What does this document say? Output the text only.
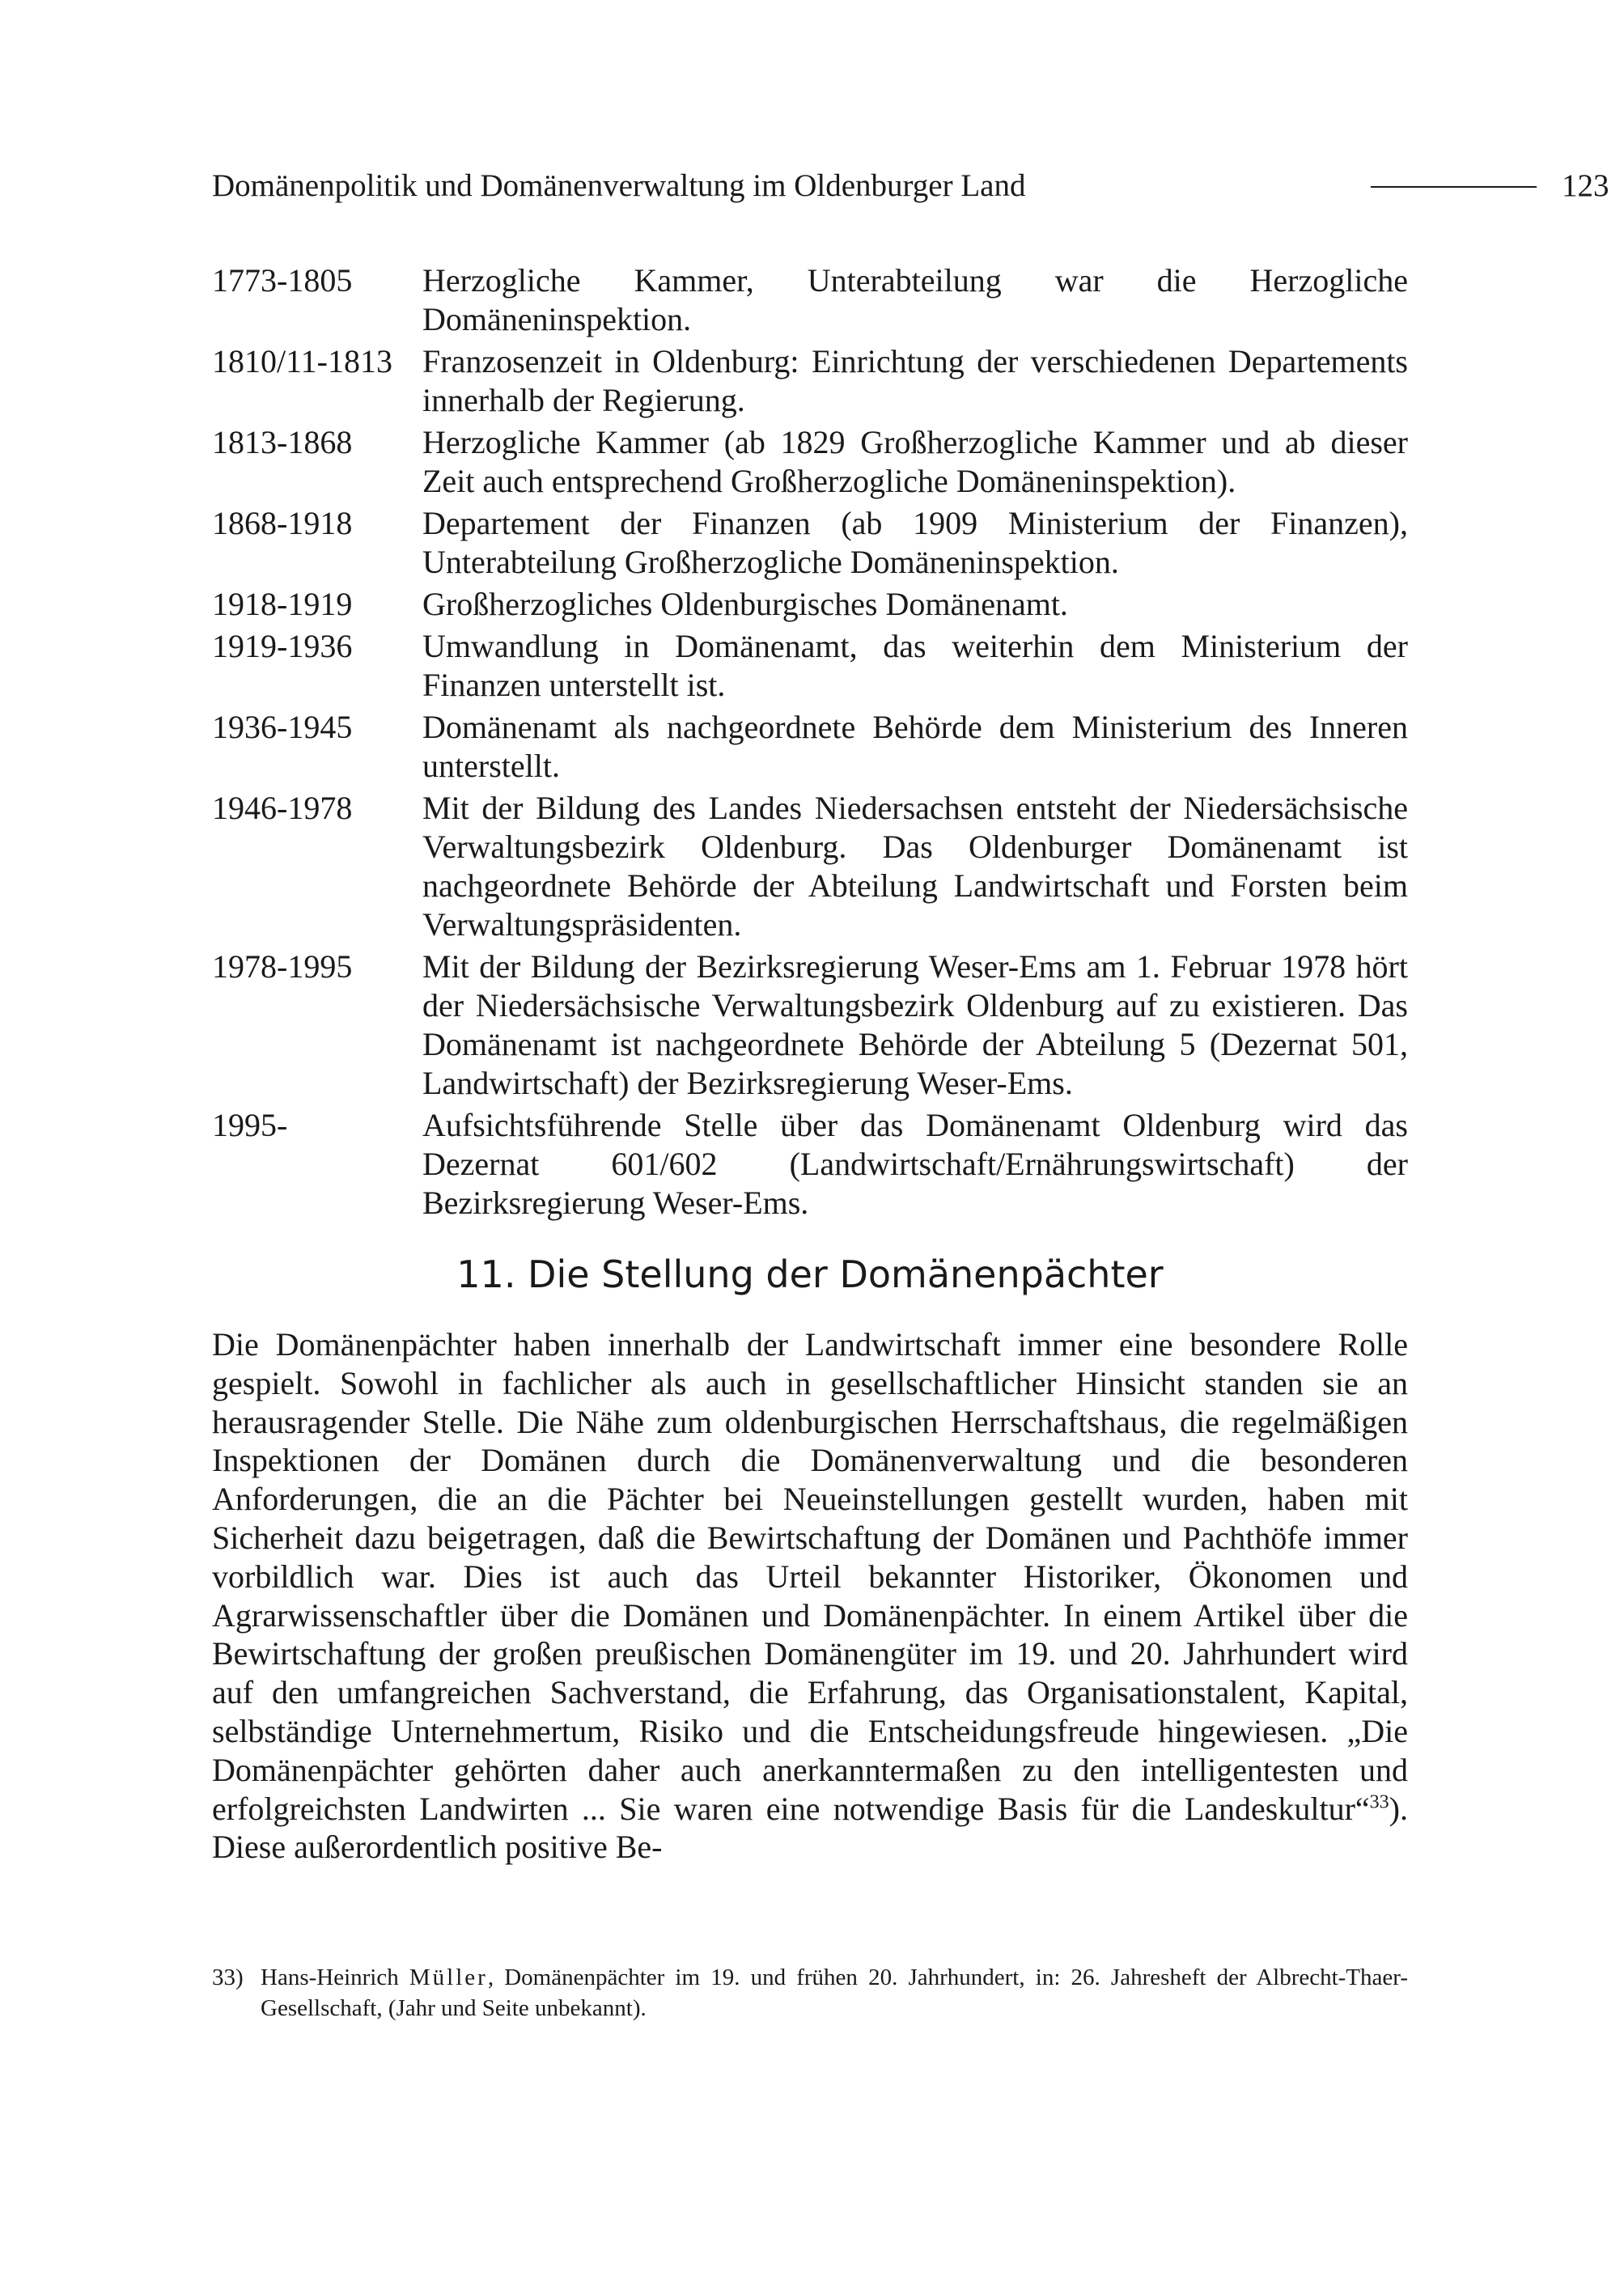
Domänenpolitik und Domänenverwaltung im Oldenburger Land	123
1773-1805	Herzogliche Kammer, Unterabteilung war die Herzogliche Domäneninspektion.
1810/11-1813 Franzosenzeit in Oldenburg: Einrichtung der verschiedenen Departements innerhalb der Regierung.
1813-1868	Herzogliche Kammer (ab 1829 Großherzogliche Kammer und ab dieser Zeit auch entsprechend Großherzogliche Domäneninspektion).
1868-1918	Departement der Finanzen (ab 1909 Ministerium der Finanzen), Unterabteilung Großherzogliche Domäneninspektion.
1918-1919	Großherzogliches Oldenburgisches Domänenamt.
1919-1936	Umwandlung in Domänenamt, das weiterhin dem Ministerium der Finanzen unterstellt ist.
1936-1945	Domänenamt als nachgeordnete Behörde dem Ministerium des Inneren unterstellt.
1946-1978	Mit der Bildung des Landes Niedersachsen entsteht der Niedersächsische Verwaltungsbezirk Oldenburg. Das Oldenburger Domänenamt ist nachgeordnete Behörde der Abteilung Landwirtschaft und Forsten beim Verwaltungspräsidenten.
1978-1995	Mit der Bildung der Bezirksregierung Weser-Ems am 1. Februar 1978 hört der Niedersächsische Verwaltungsbezirk Oldenburg auf zu existieren. Das Domänenamt ist nachgeordnete Behörde der Abteilung 5 (Dezernat 501, Landwirtschaft) der Bezirksregierung Weser-Ems.
1995-	Aufsichtsführende Stelle über das Domänenamt Oldenburg wird das Dezernat 601/602 (Landwirtschaft/Ernährungswirtschaft) der Bezirksregierung Weser-Ems.
11. Die Stellung der Domänenpächter

Die Domänenpächter haben innerhalb der Landwirtschaft immer eine besondere Rolle gespielt. Sowohl in fachlicher als auch in gesellschaftlicher Hinsicht standen sie an herausragender Stelle. Die Nähe zum oldenburgischen Herrschaftshaus, die regelmäßigen Inspektionen der Domänen durch die Domänenverwaltung und die besonderen Anforderungen, die an die Pächter bei Neueinstellungen gestellt wurden, haben mit Sicherheit dazu beigetragen, daß die Bewirtschaftung der Domänen und Pachthöfe immer vorbildlich war. Dies ist auch das Urteil bekannter Historiker, Ökonomen und Agrarwissenschaftler über die Domänen und Domänenpächter. In einem Artikel über die Bewirtschaftung der großen preußischen Domänengüter im 19. und 20. Jahrhundert wird auf den umfangreichen Sachverstand, die Erfahrung, das Organisationstalent, Kapital, selbständige Unternehmertum, Risiko und die Entscheidungsfreude hingewiesen. „Die Domänenpächter gehörten daher auch anerkanntermaßen zu den intelligentesten und erfolgreichsten Landwirten ... Sie waren eine notwendige Basis für die Landeskultur“$^{33}$). Diese außerordentlich positive Be-

33) Hans-Heinrich Müller, Domänenpächter im 19. und frühen 20. Jahrhundert, in: 26. Jahresheft der Albrecht-Thaer-Gesellschaft, (Jahr und Seite unbekannt).
